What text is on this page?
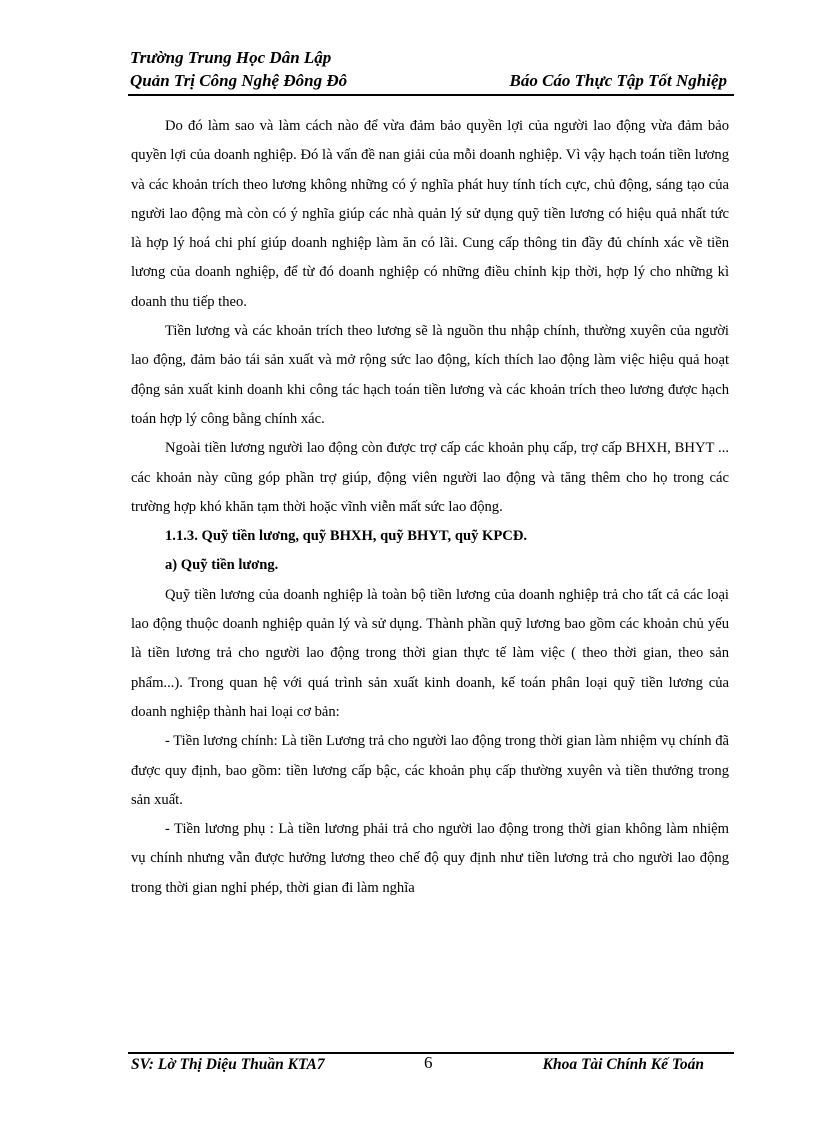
Trường Trung Học Dân Lập
Quản Trị Công Nghệ Đông Đô	Báo Cáo Thực Tập Tốt Nghiệp

Do đó làm sao và làm cách nào để vừa đảm bảo quyền lợi của người lao động vừa đảm bảo quyền lợi của doanh nghiệp. Đó là vấn đề nan giải của mỗi doanh nghiệp. Vì vậy hạch toán tiền lương và các khoản trích theo lương không những có ý nghĩa phát huy tính tích cực, chủ động, sáng tạo của người lao động mà còn có ý nghĩa giúp các nhà quản lý sử dụng quỹ tiền lương có hiệu quả nhất tức là hợp lý hoá chi phí giúp doanh nghiệp làm ăn có lãi. Cung cấp thông tin đầy đủ chính xác về tiền lương của doanh nghiệp, để từ đó doanh nghiệp có những điều chỉnh kịp thời, hợp lý cho những kì doanh thu tiếp theo.

Tiền lương và các khoản trích theo lương sẽ là nguồn thu nhập chính, thường xuyên của người lao động, đảm bảo tái sản xuất và mở rộng sức lao động, kích thích lao động làm việc hiệu quả hoạt động sản xuất kinh doanh khi công tác hạch toán tiền lương và các khoản trích theo lương được hạch toán hợp lý công bằng chính xác.

Ngoài tiền lương người lao động còn được trợ cấp các khoản phụ cấp, trợ cấp BHXH, BHYT ... các khoản này cũng góp phần trợ giúp, động viên người lao động và tăng thêm cho họ trong các trường hợp khó khăn tạm thời hoặc vĩnh viễn mất sức lao động.

1.1.3. Quỹ tiền lương, quỹ BHXH, quỹ BHYT, quỹ KPCĐ.

a) Quỹ tiền lương.

Quỹ tiền lương của doanh nghiệp là toàn bộ tiền lương của doanh nghiệp trả cho tất cả các loại lao động thuộc doanh nghiệp quản lý và sử dụng. Thành phần quỹ lương bao gồm các khoản chủ yếu là tiền lương trả cho người lao động trong thời gian thực tế làm việc ( theo thời gian, theo sản phẩm...). Trong quan hệ với quá trình sản xuất kinh doanh, kế toán phân loại quỹ tiền lương của doanh nghiệp thành hai loại cơ bản:

- Tiền lương chính: Là tiền Lương trả cho người lao động trong thời gian làm nhiệm vụ chính đã được quy định, bao gồm: tiền lương cấp bậc, các khoản phụ cấp thường xuyên và tiền thưởng trong sản xuất.

- Tiền lương phụ : Là tiền lương phải trả cho người lao động trong thời gian không làm nhiệm vụ chính nhưng vẫn được hưởng lương theo chế độ quy định như tiền lương trả cho người lao động trong thời gian nghỉ phép, thời gian đi làm nghĩa

SV: Lờ Thị Diệu Thuần KTA7	6	Khoa Tài Chính Kế Toán
